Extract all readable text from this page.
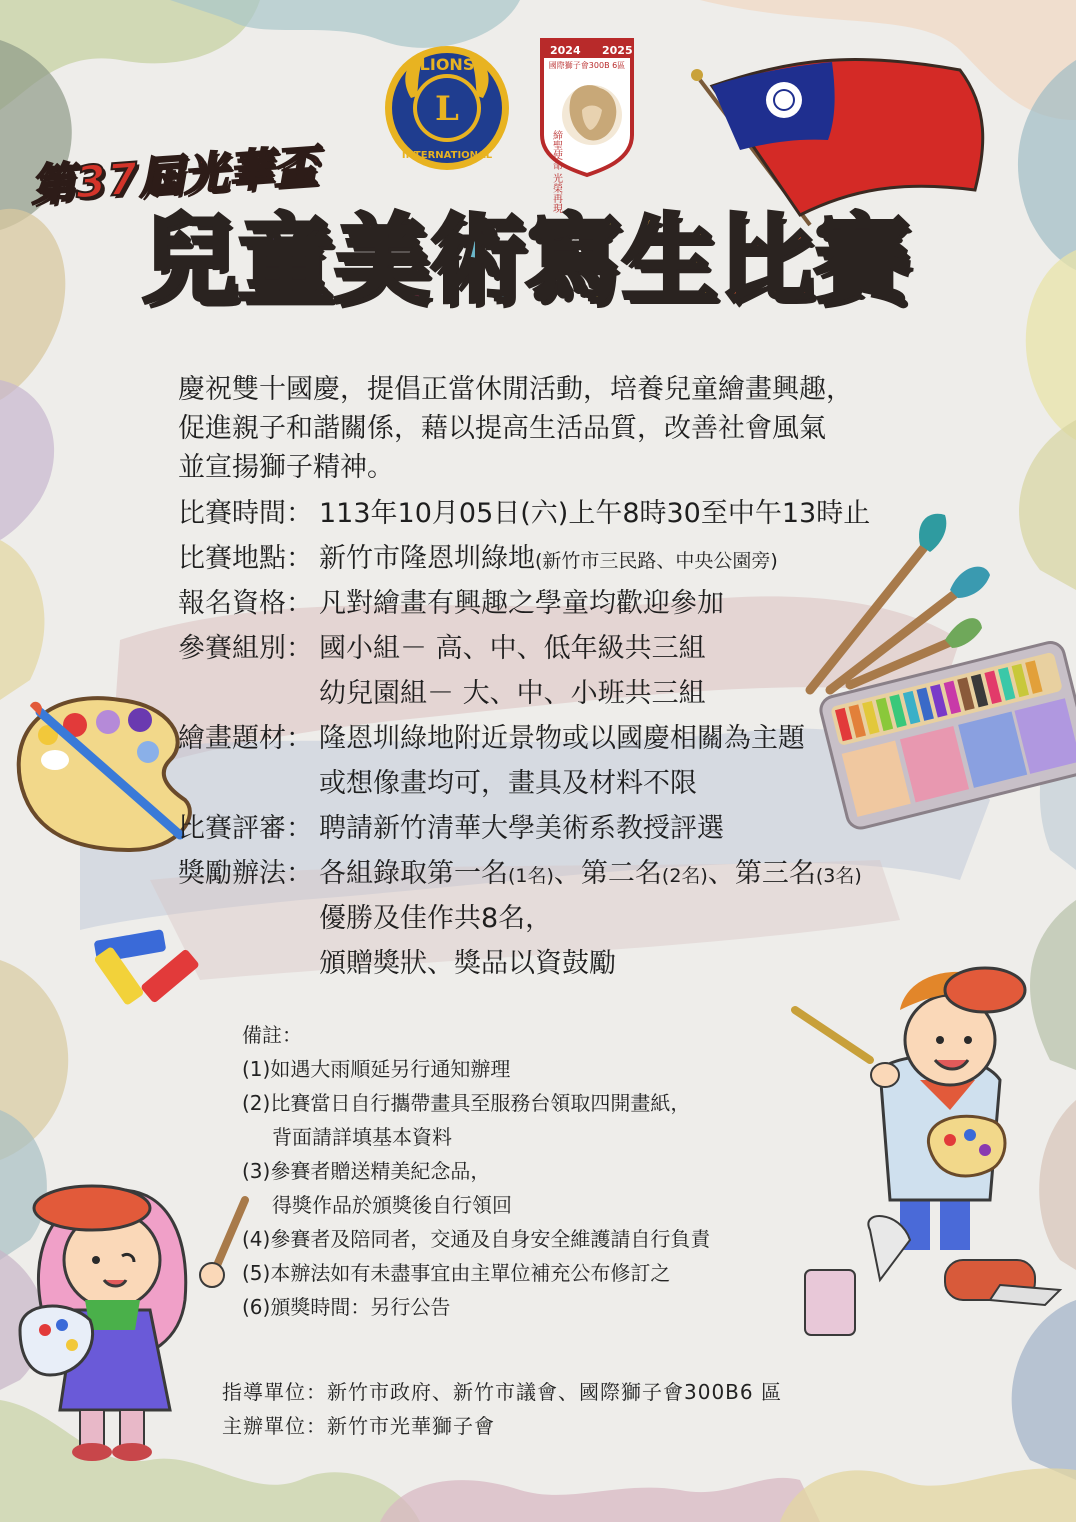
L
LIONS
INTERNATIONAL
2024 2025
國際獅子會300B 6區
締聖使命 光榮再現
第37屆光華盃
兒 童 美 術 寫 生 比 賽
慶祝雙十國慶，提倡正當休閒活動，培養兒童繪畫興趣，
促進親子和諧關係，藉以提高生活品質，改善社會風氣
並宣揚獅子精神。
比賽時間： 113年10月05日(六)上午8時30至中午13時止
比賽地點： 新竹市隆恩圳綠地(新竹市三民路、中央公園旁)
報名資格： 凡對繪畫有興趣之學童均歡迎參加
參賽組別： 國小組－ 高、中、低年級共三組
幼兒園組－ 大、中、小班共三組
繪畫題材： 隆恩圳綠地附近景物或以國慶相關為主題
或想像畫均可，畫具及材料不限
比賽評審： 聘請新竹清華大學美術系教授評選
獎勵辦法： 各組錄取第一名(1名)、第二名(2名)、第三名(3名)
優勝及佳作共8名，
頒贈獎狀、獎品以資鼓勵
備註：
(1)如遇大雨順延另行通知辦理
(2)比賽當日自行攜帶畫具至服務台領取四開畫紙，
背面請詳填基本資料
(3)參賽者贈送精美紀念品，
得獎作品於頒獎後自行領回
(4)參賽者及陪同者，交通及自身安全維護請自行負責
(5)本辦法如有未盡事宜由主單位補充公布修訂之
(6)頒獎時間：另行公告
指導單位：新竹市政府、新竹市議會、國際獅子會300B6 區
主辦單位：新竹市光華獅子會
